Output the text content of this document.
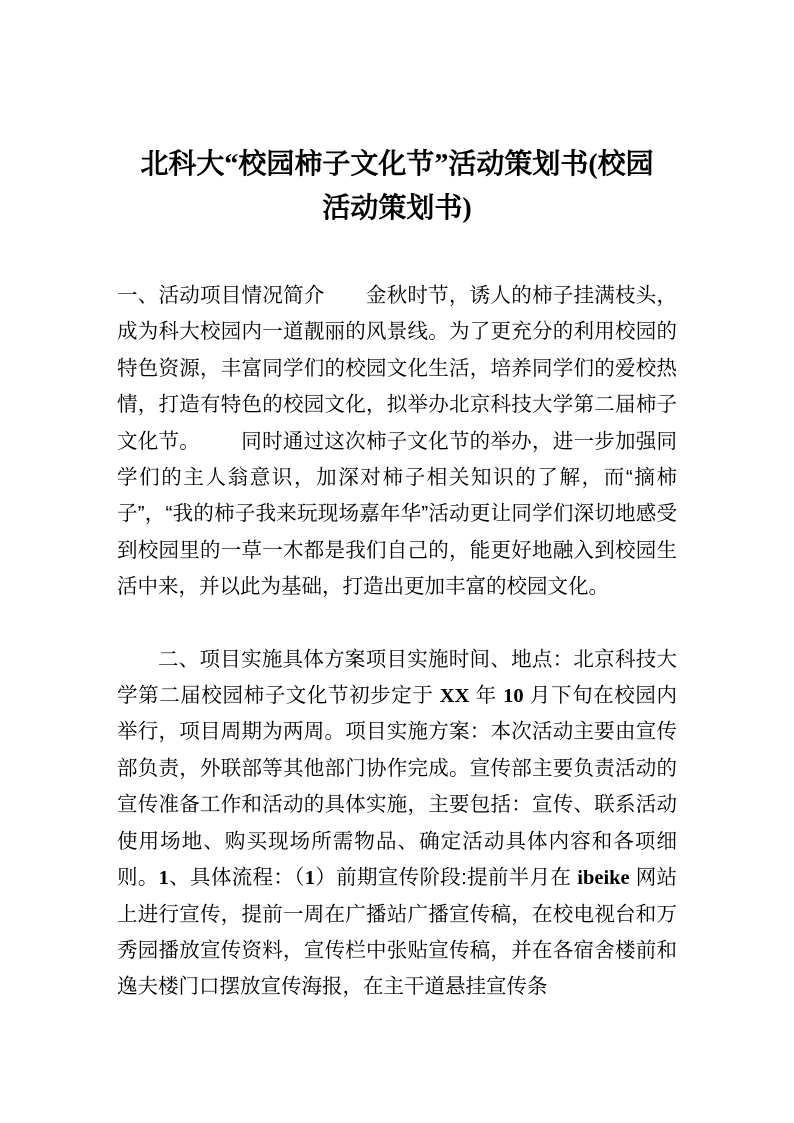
北科大“校园柿子文化节”活动策划书(校园
活动策划书)

一、活动项目情况简介 金秋时节，诱人的柿子挂满枝头，成为科大校园内一道靓丽的风景线。为了更充分的利用校园的特色资源，丰富同学们的校园文化生活，培养同学们的爱校热情，打造有特色的校园文化，拟举办北京科技大学第二届柿子文化节。 同时通过这次柿子文化节的举办，进一步加强同学们的主人翁意识，加深对柿子相关知识的了解，而“摘柿子”，“我的柿子我来玩现场嘉年华”活动更让同学们深切地感受到校园里的一草一木都是我们自己的，能更好地融入到校园生活中来，并以此为基础，打造出更加丰富的校园文化。

二、项目实施具体方案项目实施时间、地点：北京科技大学第二届校园柿子文化节初步定于 XX 年 10 月下旬在校园内举行，项目周期为两周。项目实施方案：本次活动主要由宣传部负责，外联部等其他部门协作完成。宣传部主要负责活动的宣传准备工作和活动的具体实施，主要包括：宣传、联系活动使用场地、购买现场所需物品、确定活动具体内容和各项细则。1、具体流程：（1）前期宣传阶段:提前半月在 ibeike 网站上进行宣传，提前一周在广播站广播宣传稿，在校电视台和万秀园播放宣传资料，宣传栏中张贴宣传稿，并在各宿舍楼前和逸夫楼门口摆放宣传海报，在主干道悬挂宣传条
